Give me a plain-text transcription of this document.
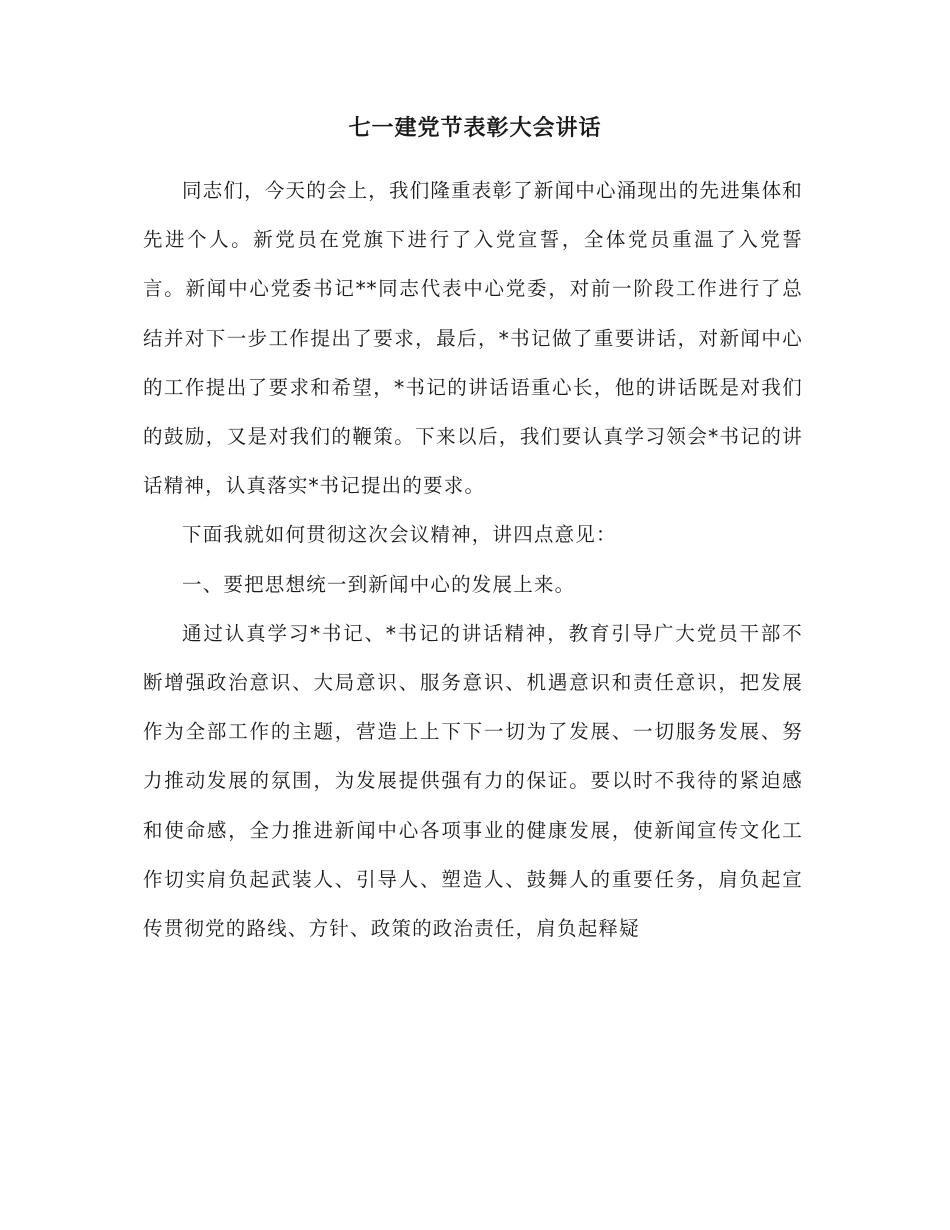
七一建党节表彰大会讲话

同志们，今天的会上，我们隆重表彰了新闻中心涌现出的先进集体和先进个人。新党员在党旗下进行了入党宣誓，全体党员重温了入党誓言。新闻中心党委书记**同志代表中心党委，对前一阶段工作进行了总结并对下一步工作提出了要求，最后，*书记做了重要讲话，对新闻中心的工作提出了要求和希望，*书记的讲话语重心长，他的讲话既是对我们的鼓励，又是对我们的鞭策。下来以后，我们要认真学习领会*书记的讲话精神，认真落实*书记提出的要求。

下面我就如何贯彻这次会议精神，讲四点意见：

一、要把思想统一到新闻中心的发展上来。

通过认真学习*书记、*书记的讲话精神，教育引导广大党员干部不断增强政治意识、大局意识、服务意识、机遇意识和责任意识，把发展作为全部工作的主题，营造上上下下一切为了发展、一切服务发展、努力推动发展的氛围，为发展提供强有力的保证。要以时不我待的紧迫感和使命感，全力推进新闻中心各项事业的健康发展，使新闻宣传文化工作切实肩负起武装人、引导人、塑造人、鼓舞人的重要任务，肩负起宣传贯彻党的路线、方针、政策的政治责任，肩负起释疑
